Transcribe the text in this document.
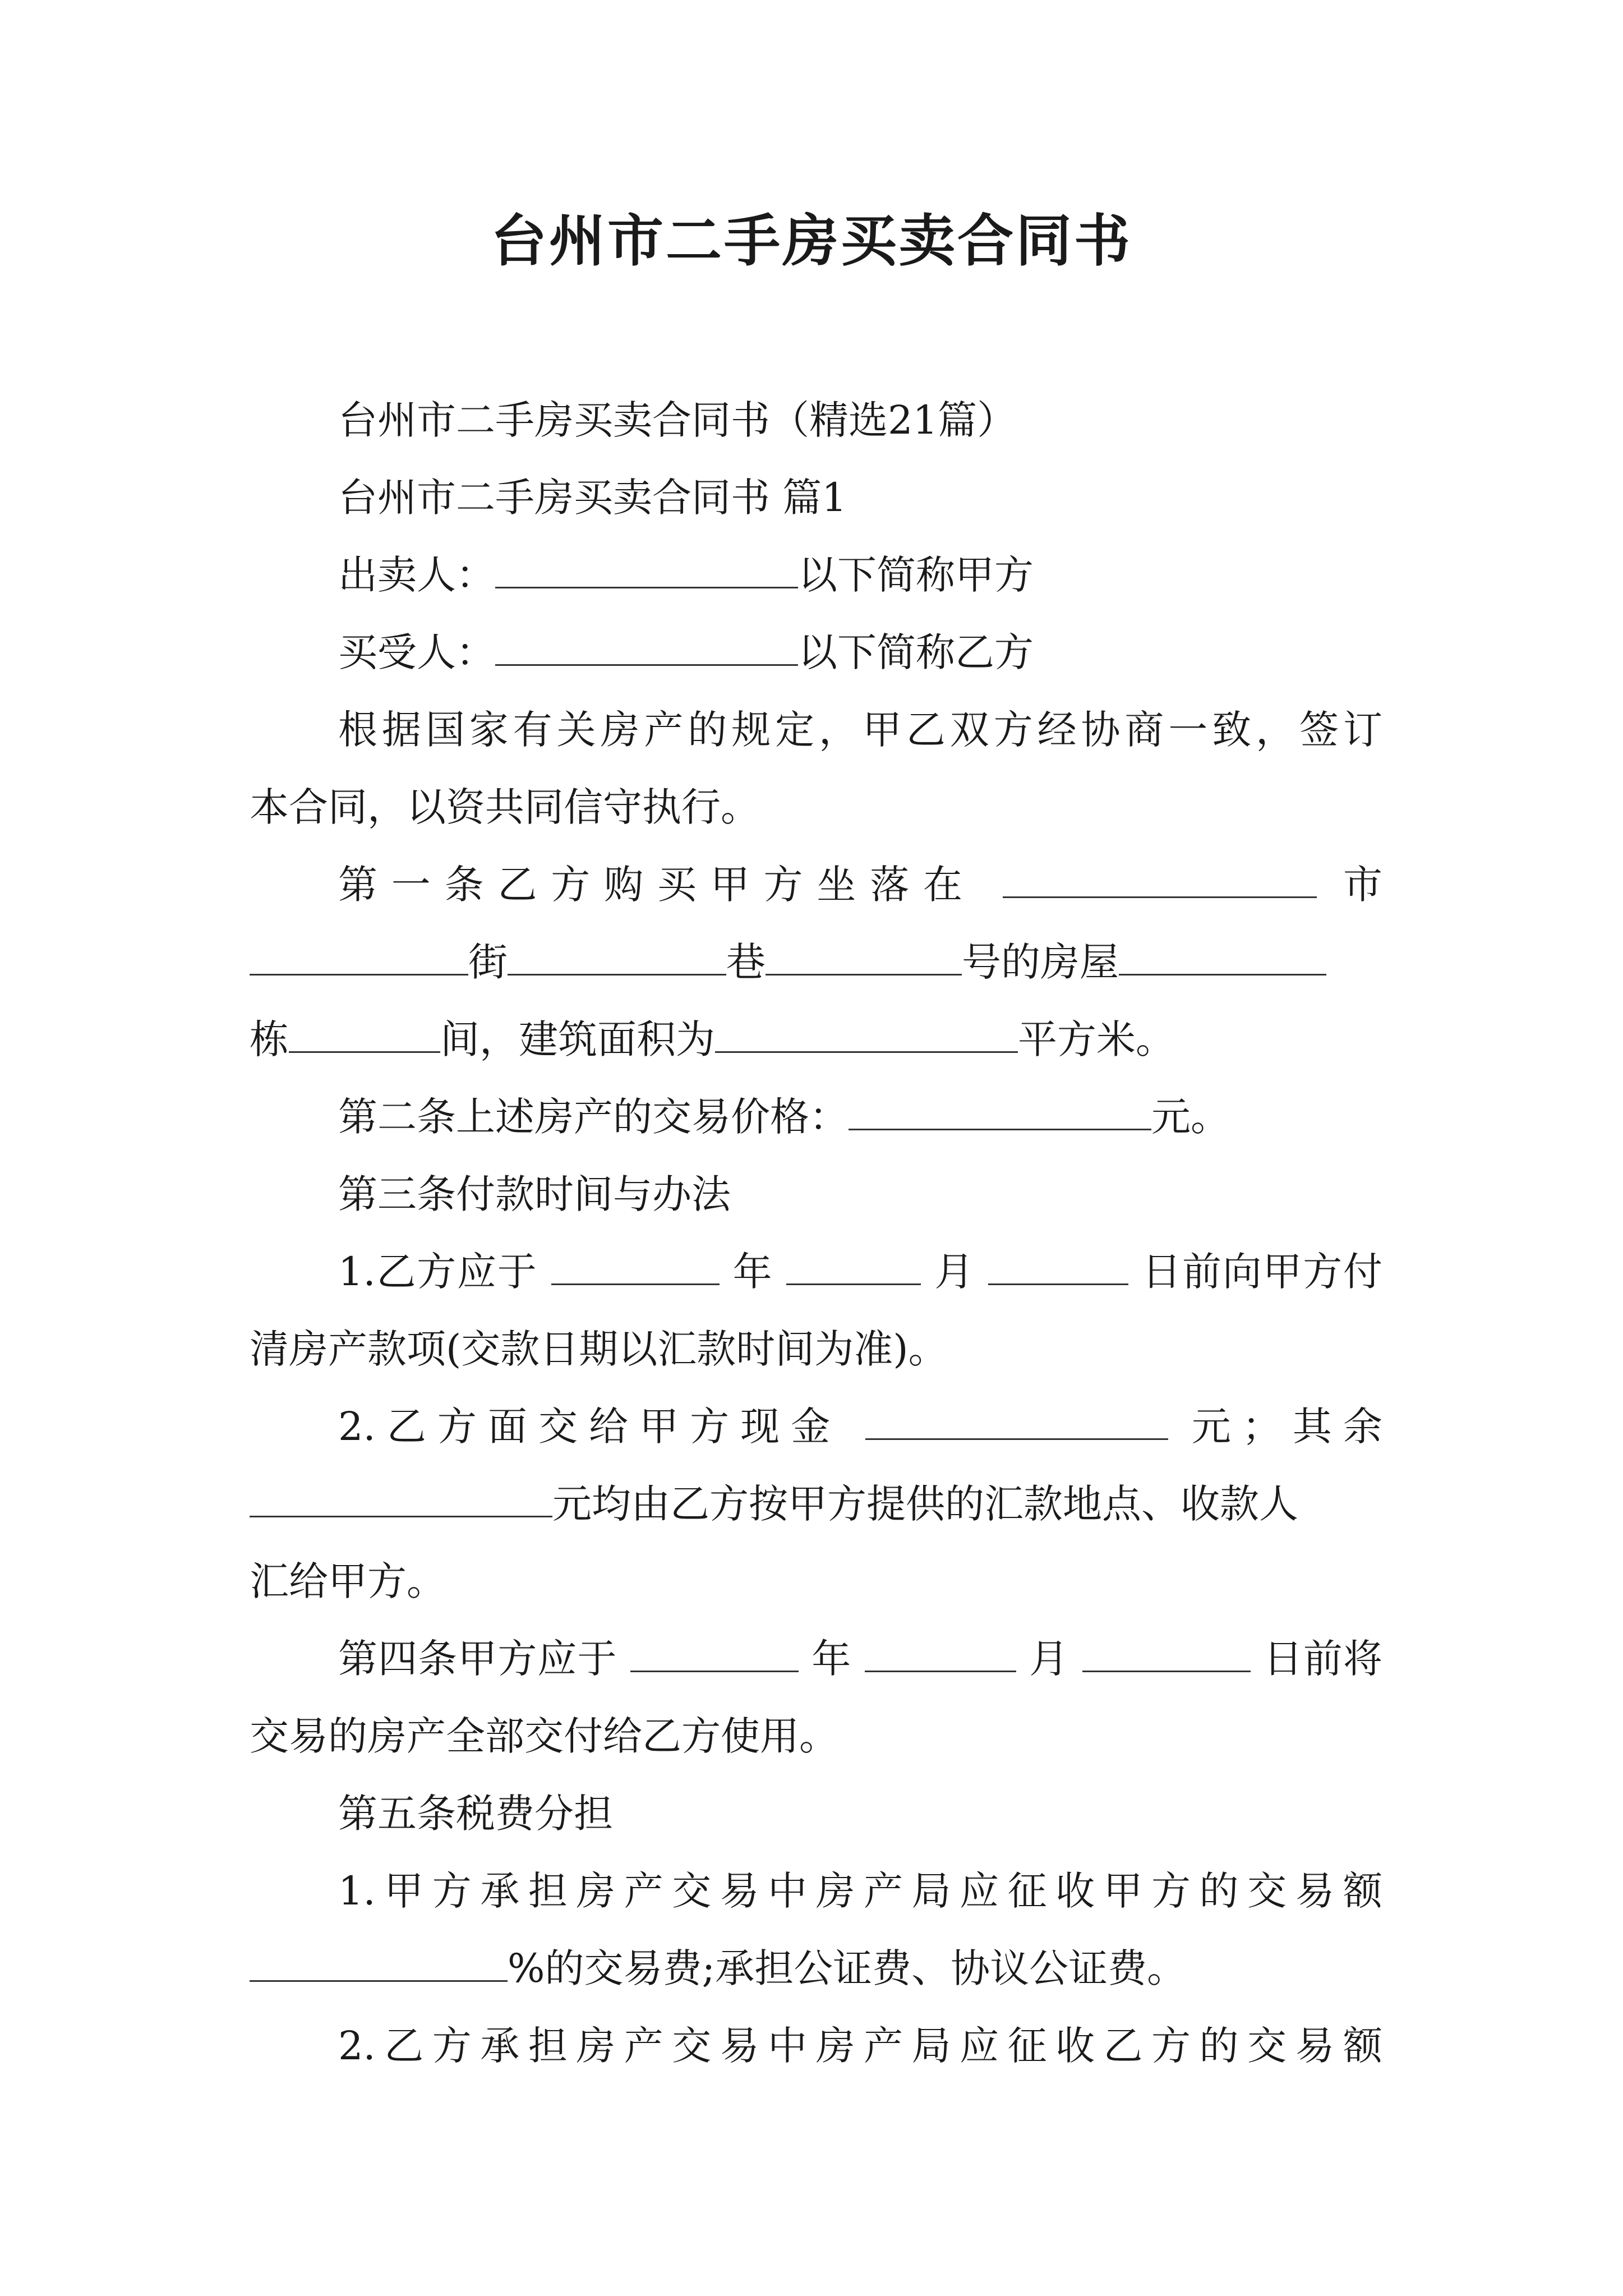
台州市二手房买卖合同书

台州市二手房买卖合同书（精选21篇）

台州市二手房买卖合同书 篇1

出卖人：	以下简称甲方

买受人：	以下简称乙方

根据国家有关房产的规定，甲乙双方经协商一致，签订

本合同，以资共同信守执行。

第一条乙方购买甲方坐落在	市

街	巷	号的房屋

栋	间，建筑面积为	平方米。

第二条上述房产的交易价格：	元。

第三条付款时间与办法

1.乙方应于	年	月	日前向甲方付

清房产款项(交款日期以汇款时间为准)。

2.乙方面交给甲方现金	元；其余

元均由乙方按甲方提供的汇款地点、收款人

汇给甲方。

第四条甲方应于	年	月	日前将

交易的房产全部交付给乙方使用。

第五条税费分担

1.甲方承担房产交易中房产局应征收甲方的交易额

%的交易费;承担公证费、协议公证费。

2.乙方承担房产交易中房产局应征收乙方的交易额
